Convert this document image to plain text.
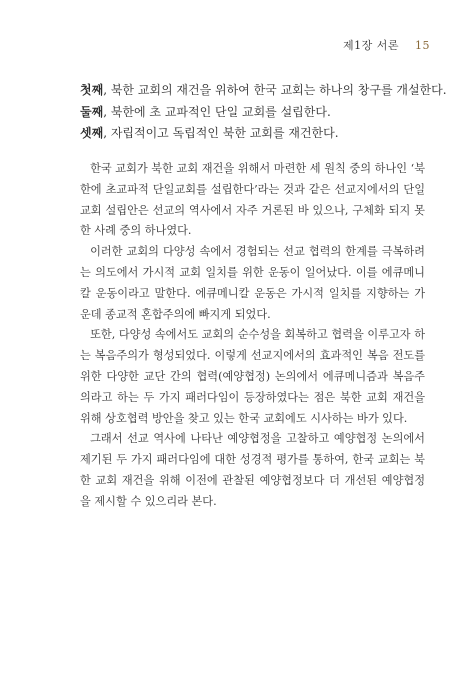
제1장 서론 15
첫째, 북한 교회의 재건을 위하여 한국 교회는 하나의 창구를 개설한다.
둘째, 북한에 초 교파적인 단일 교회를 설립한다.
셋째, 자립적이고 독립적인 북한 교회를 재건한다.

한국 교회가 북한 교회 재건을 위해서 마련한 세 원칙 중의 하나인 ‘북한에 초교파적 단일교회를 설립한다’라는 것과 같은 선교지에서의 단일교회 설립안은 선교의 역사에서 자주 거론된 바 있으나, 구체화 되지 못한 사례 중의 하나였다.

이러한 교회의 다양성 속에서 경험되는 선교 협력의 한계를 극복하려는 의도에서 가시적 교회 일치를 위한 운동이 일어났다. 이를 에큐메니칼 운동이라고 말한다. 에큐메니칼 운동은 가시적 일치를 지향하는 가운데 종교적 혼합주의에 빠지게 되었다.

또한, 다양성 속에서도 교회의 순수성을 회복하고 협력을 이루고자 하는 복음주의가 형성되었다. 이렇게 선교지에서의 효과적인 복음 전도를 위한 다양한 교단 간의 협력(예양협정) 논의에서 에큐메니즘과 복음주의라고 하는 두 가지 패러다임이 등장하였다는 점은 북한 교회 재건을 위해 상호협력 방안을 찾고 있는 한국 교회에도 시사하는 바가 있다.

그래서 선교 역사에 나타난 예양협정을 고찰하고 예양협정 논의에서 제기된 두 가지 패러다임에 대한 성경적 평가를 통하여, 한국 교회는 북한 교회 재건을 위해 이전에 관찰된 예양협정보다 더 개선된 예양협정을 제시할 수 있으리라 본다.
